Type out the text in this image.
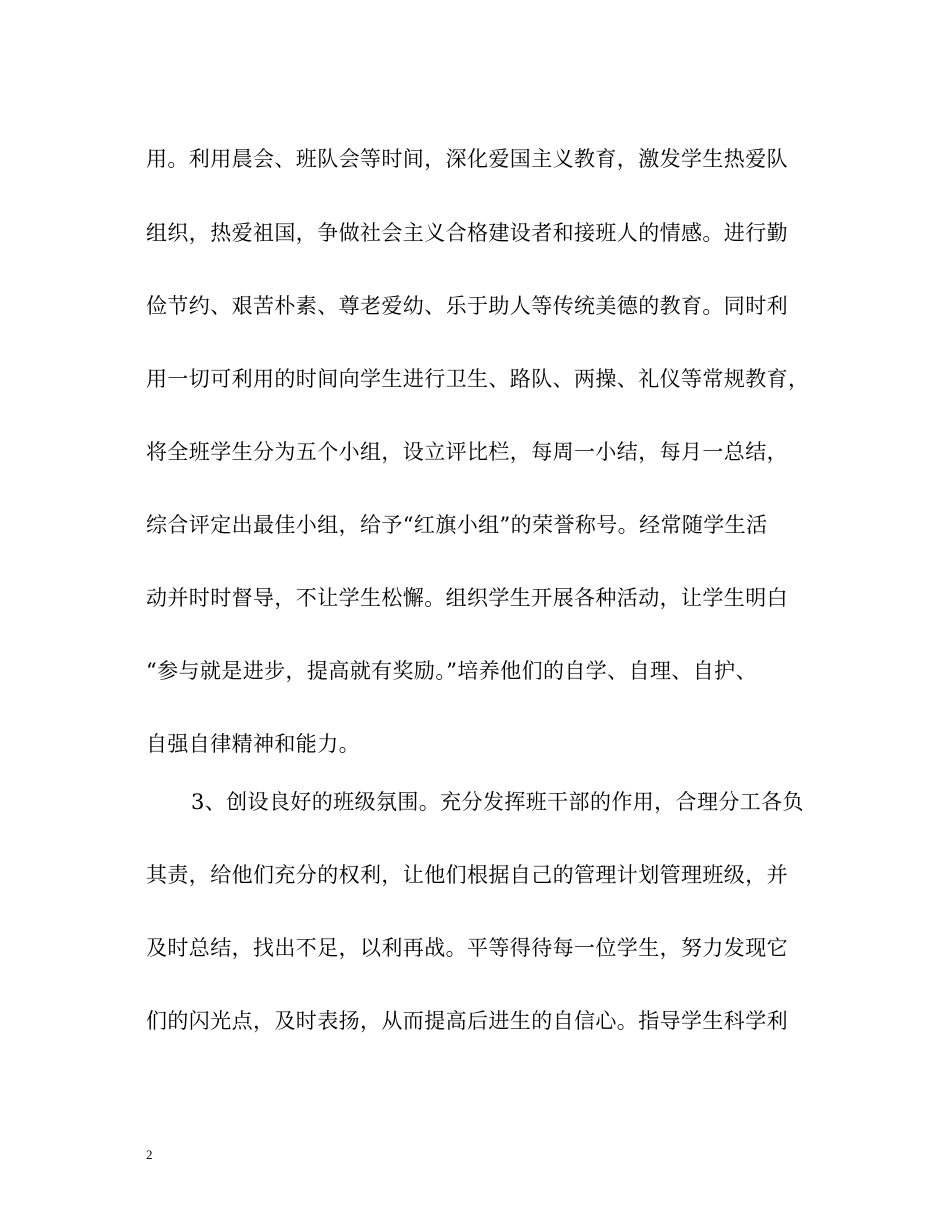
用。利用晨会、班队会等时间，深化爱国主义教育，激发学生热爱队
组织，热爱祖国，争做社会主义合格建设者和接班人的情感。进行勤
俭节约、艰苦朴素、尊老爱幼、乐于助人等传统美德的教育。同时利
用一切可利用的时间向学生进行卫生、路队、两操、礼仪等常规教育，
将全班学生分为五个小组，设立评比栏，每周一小结，每月一总结，
综合评定出最佳小组，给予“红旗小组”的荣誉称号。经常随学生活
动并时时督导，不让学生松懈。组织学生开展各种活动，让学生明白
“参与就是进步，提高就有奖励。”培养他们的自学、自理、自护、
自强自律精神和能力。
3、创设良好的班级氛围。充分发挥班干部的作用，合理分工各负
其责，给他们充分的权利，让他们根据自己的管理计划管理班级，并
及时总结，找出不足，以利再战。平等得待每一位学生，努力发现它
们的闪光点，及时表扬，从而提高后进生的自信心。指导学生科学利
2
